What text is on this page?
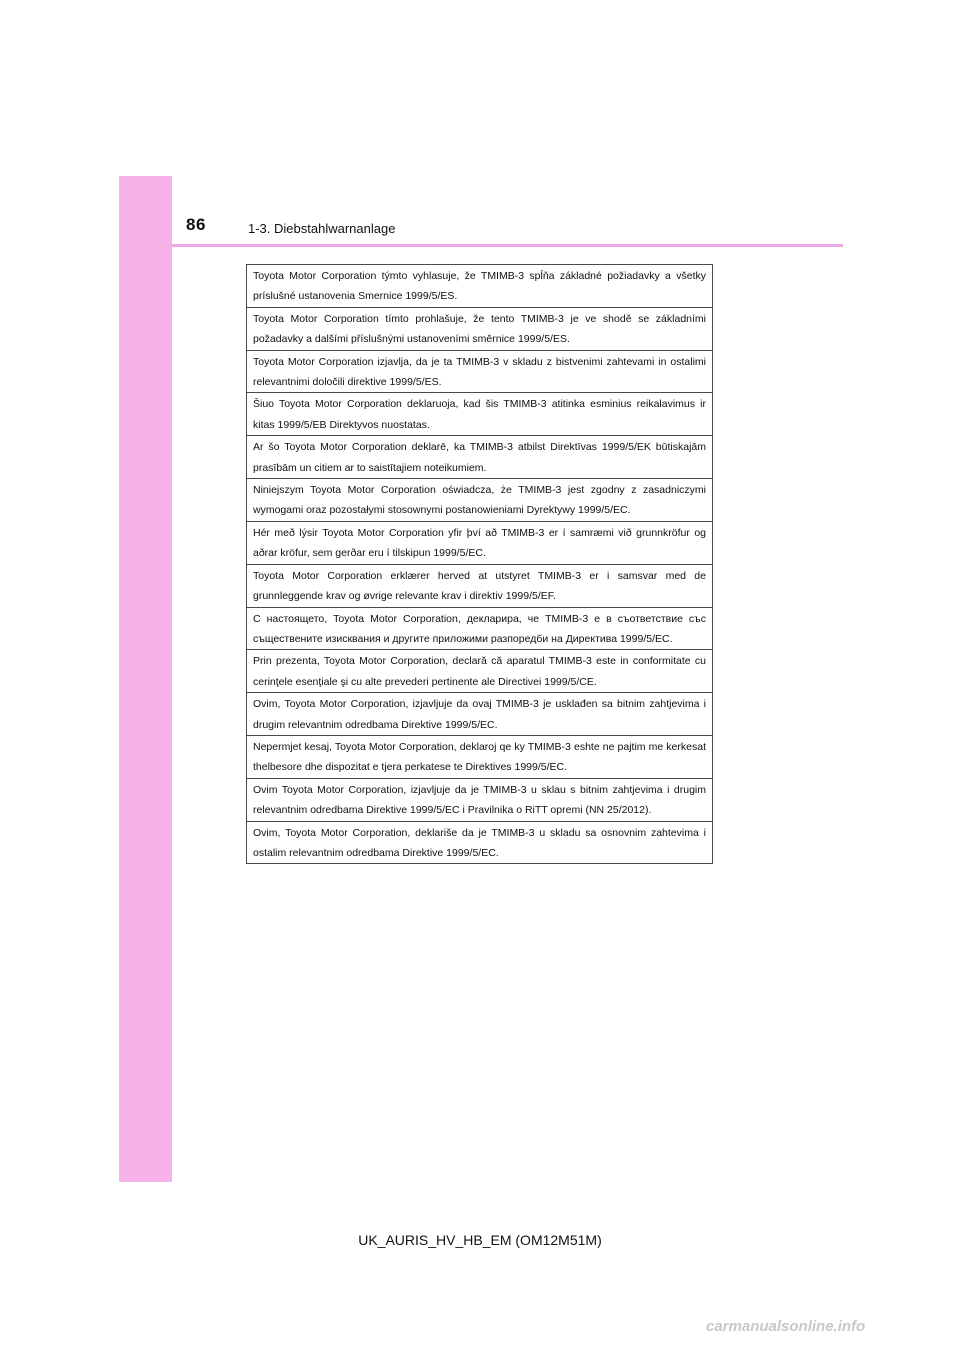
86	1-3. Diebstahlwarnanlage
Toyota Motor Corporation týmto vyhlasuje, že TMIMB-3 spĺňa základné požiadavky a všetky príslušné ustanovenia Smernice 1999/5/ES.
Toyota Motor Corporation tímto prohlašuje, že tento TMIMB-3 je ve shodě se základními požadavky a dalšími příslušnými ustanoveními směrnice 1999/5/ES.
Toyota Motor Corporation izjavlja, da je ta TMIMB-3 v skladu z bistvenimi zahtevami in ostalimi relevantnimi določili direktive 1999/5/ES.
Šiuo Toyota Motor Corporation deklaruoja, kad šis TMIMB-3 atitinka esminius reikalavimus ir kitas 1999/5/EB Direktyvos nuostatas.
Ar šo Toyota Motor Corporation deklarē, ka TMIMB-3 atbilst Direktīvas 1999/5/EK būtiskajām prasībām un citiem ar to saistītajiem noteikumiem.
Niniejszym Toyota Motor Corporation oświadcza, że TMIMB-3 jest zgodny z zasadniczymi wymogami oraz pozostałymi stosownymi postanowieniami Dyrektywy 1999/5/EC.
Hér með lýsir Toyota Motor Corporation yfir því að TMIMB-3 er í samræmi við grunnkröfur og aðrar kröfur, sem gerðar eru í tilskipun 1999/5/EC.
Toyota Motor Corporation erklærer herved at utstyret TMIMB-3 er i samsvar med de grunnleggende krav og øvrige relevante krav i direktiv 1999/5/EF.
С настоящето, Toyota Motor Corporation, декларира, че TMIMB-3 е в съответствие със съществените изисквания и другите приложими разпоредби на Директива 1999/5/ЕС.
Prin prezenta, Toyota Motor Corporation, declară că aparatul TMIMB-3 este in conformitate cu cerinţele esenţiale şi cu alte prevederi pertinente ale Directivei 1999/5/CE.
Ovim, Toyota Motor Corporation, izjavljuje da ovaj TMIMB-3 je usklađen sa bitnim zahtjevima i drugim relevantnim odredbama Direktive 1999/5/EC.
Nepermjet kesaj, Toyota Motor Corporation, deklaroj qe ky TMIMB-3 eshte ne pajtim me kerkesat thelbesore dhe dispozitat e tjera perkatese te Direktives 1999/5/EC.
Ovim Toyota Motor Corporation, izjavljuje da je TMIMB-3 u sklau s bitnim zahtjevima i drugim relevantnim odredbama Direktive 1999/5/EC i Pravilnika o RiTT opremi (NN 25/2012).
Ovim, Toyota Motor Corporation, deklariše da je TMIMB-3 u skladu sa osnovnim zahtevima i ostalim relevantnim odredbama Direktive 1999/5/EC.
UK_AURIS_HV_HB_EM (OM12M51M)
carmanualsonline.info
